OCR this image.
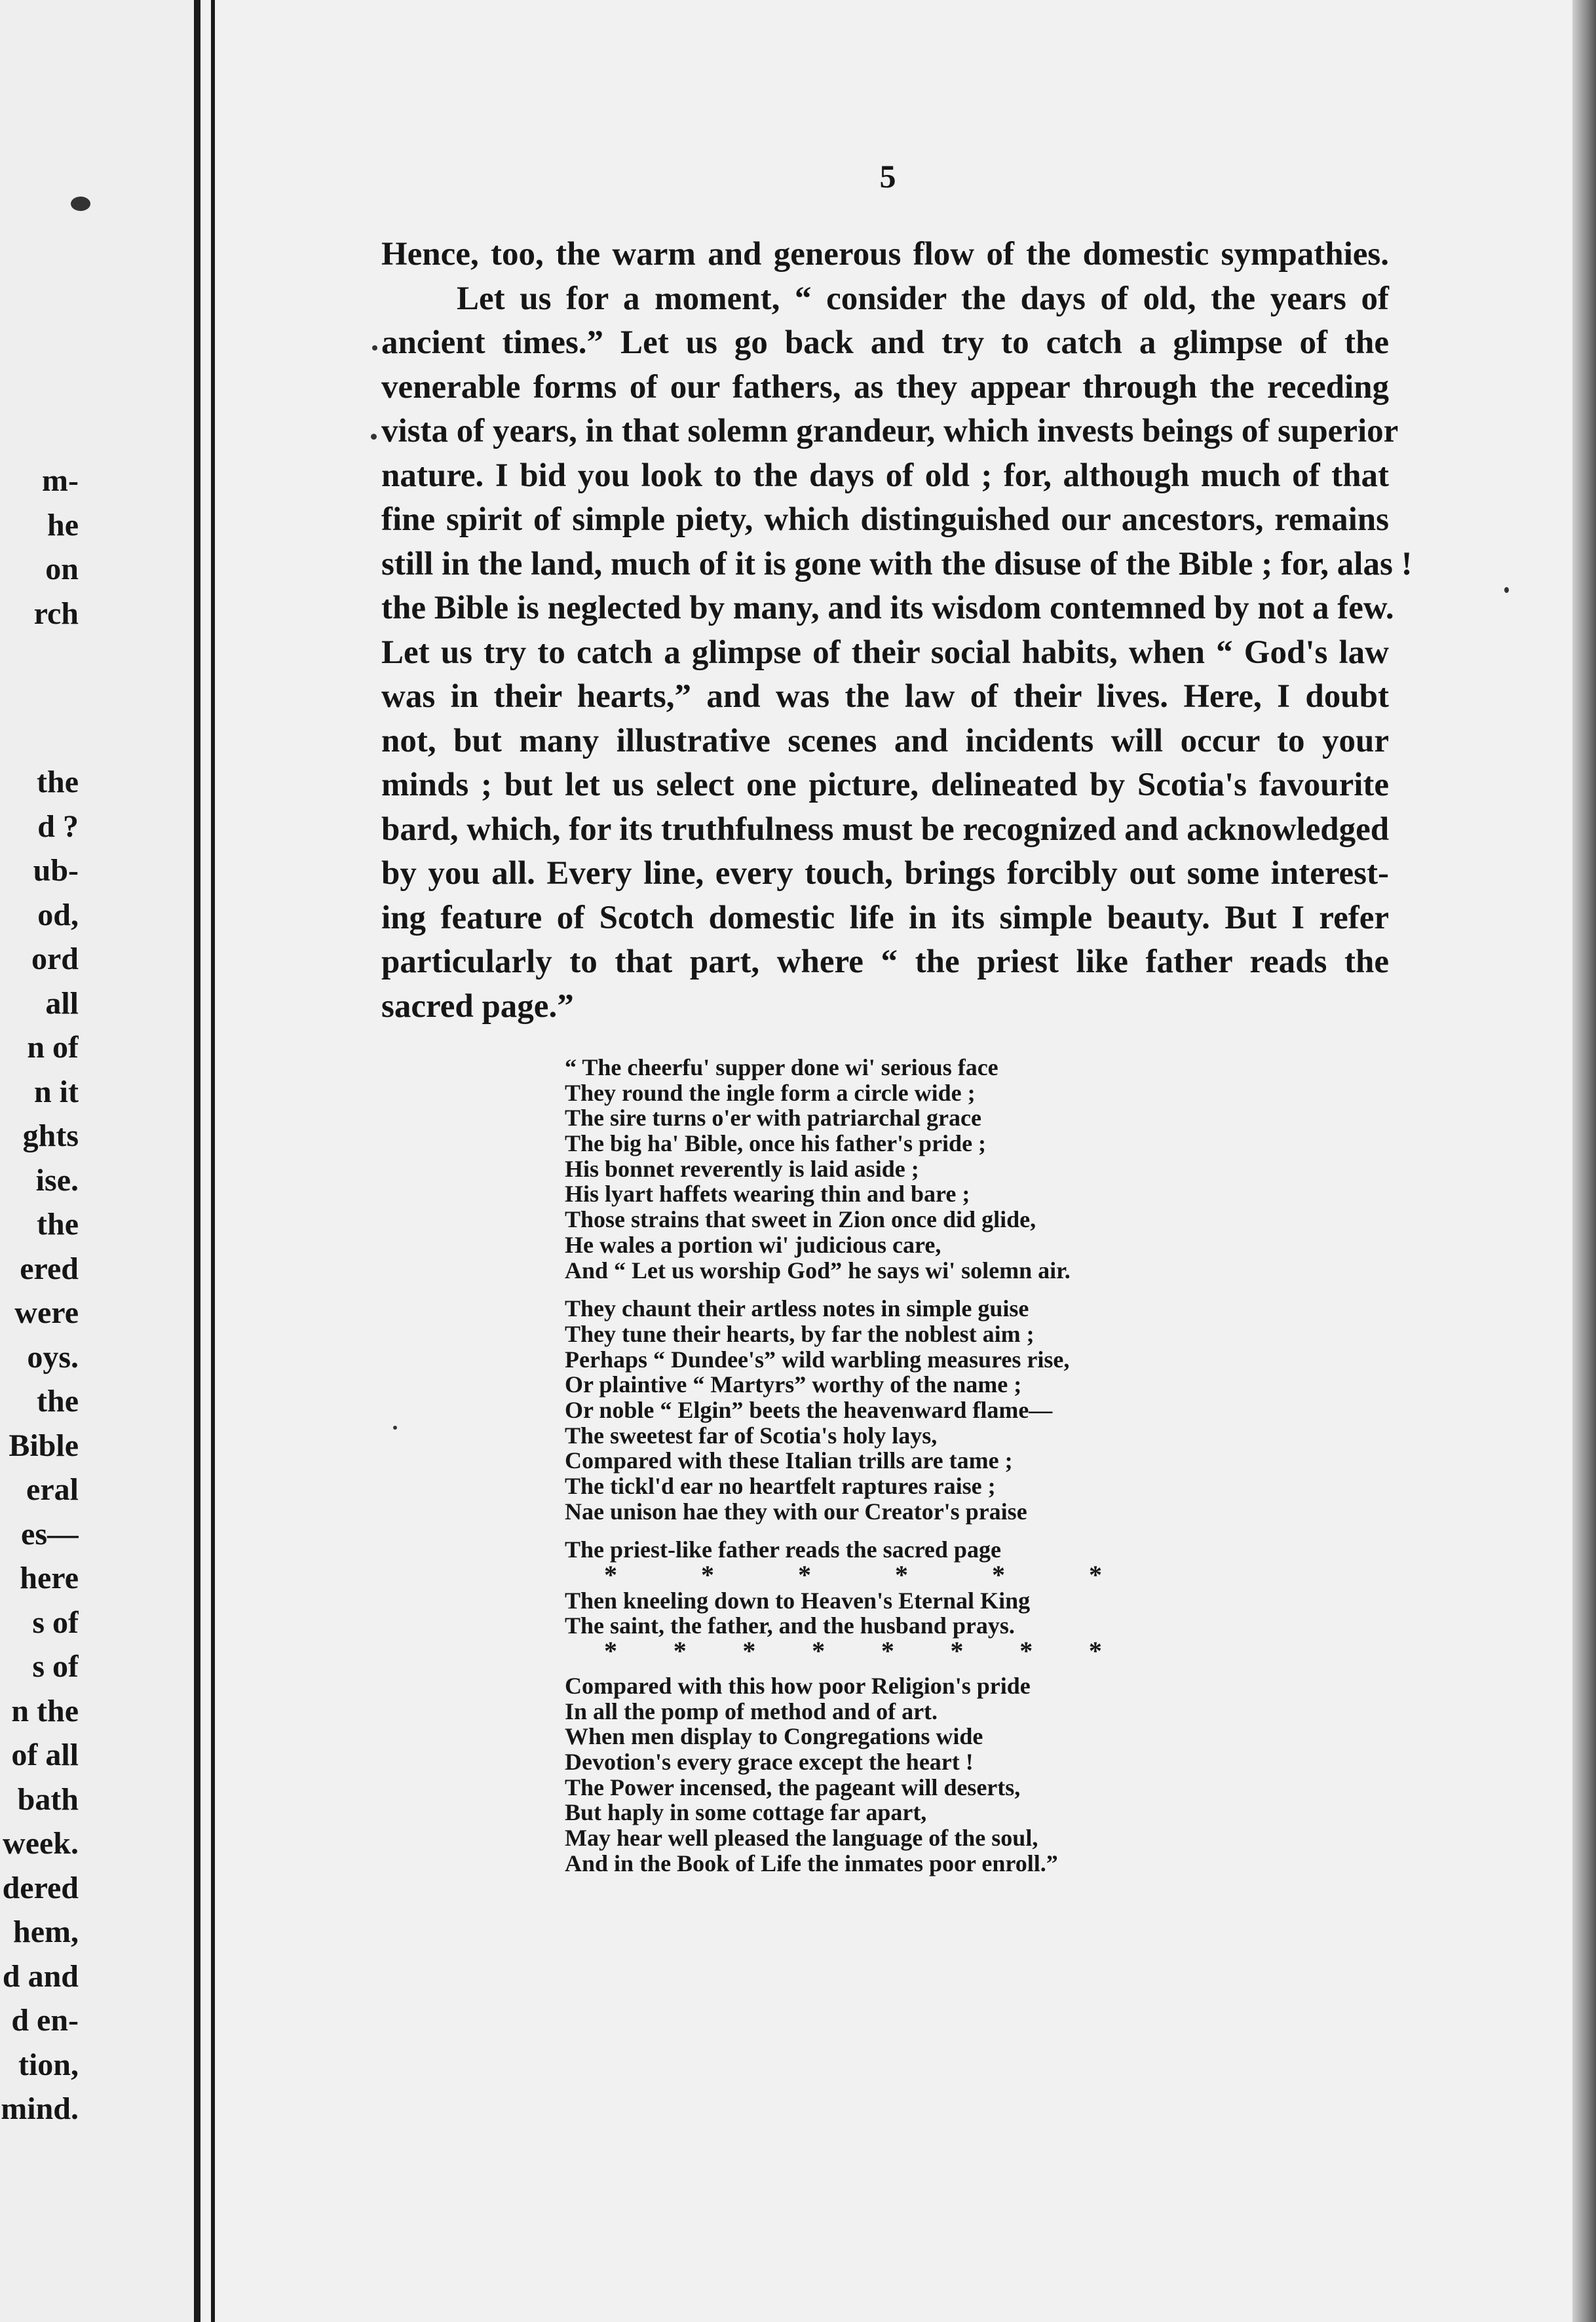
m-
he
on
rch
the
d ?
ub-
od,
ord
all
n of
n it
ghts
ise.
the
ered
were
oys.
the
Bible
eral
es—
here
s of
s of
n the
of all
bath
week.
dered
hem,
d and
d en-
tion,
mind.
5
Hence, too, the warm and generous flow of the domestic sympathies.
Let us for a moment, “ consider the days of old, the years of
ancient times.” Let us go back and try to catch a glimpse of the
venerable forms of our fathers, as they appear through the receding
vista of years, in that solemn grandeur, which invests beings of superior
nature. I bid you look to the days of old ; for, although much of that
fine spirit of simple piety, which distinguished our ancestors, remains
still in the land, much of it is gone with the disuse of the Bible ; for, alas !
the Bible is neglected by many, and its wisdom contemned by not a few.
Let us try to catch a glimpse of their social habits, when “ God's law
was in their hearts,” and was the law of their lives. Here, I doubt
not, but many illustrative scenes and incidents will occur to your
minds ; but let us select one picture, delineated by Scotia's favourite
bard, which, for its truthfulness must be recognized and acknowledged
by you all. Every line, every touch, brings forcibly out some interest-
ing feature of Scotch domestic life in its simple beauty. But I refer
particularly to that part, where “ the priest like father reads the
sacred page.”
“ The cheerfu' supper done wi' serious face
They round the ingle form a circle wide ;
The sire turns o'er with patriarchal grace
The big ha' Bible, once his father's pride ;
His bonnet reverently is laid aside ;
His lyart haffets wearing thin and bare ;
Those strains that sweet in Zion once did glide,
He wales a portion wi' judicious care,
And “ Let us worship God” he says wi' solemn air.
They chaunt their artless notes in simple guise
They tune their hearts, by far the noblest aim ;
Perhaps “ Dundee's” wild warbling measures rise,
Or plaintive “ Martyrs” worthy of the name ;
Or noble “ Elgin” beets the heavenward flame—
The sweetest far of Scotia's holy lays,
Compared with these Italian trills are tame ;
The tickl'd ear no heartfelt raptures raise ;
Nae unison hae they with our Creator's praise
The priest-like father reads the sacred page
*	*	*	*	*	*
Then kneeling down to Heaven's Eternal King
The saint, the father, and the husband prays.
* * * * * * * *
Compared with this how poor Religion's pride
In all the pomp of method and of art.
When men display to Congregations wide
Devotion's every grace except the heart !
The Power incensed, the pageant will deserts,
But haply in some cottage far apart,
May hear well pleased the language of the soul,
And in the Book of Life the inmates poor enroll.”
